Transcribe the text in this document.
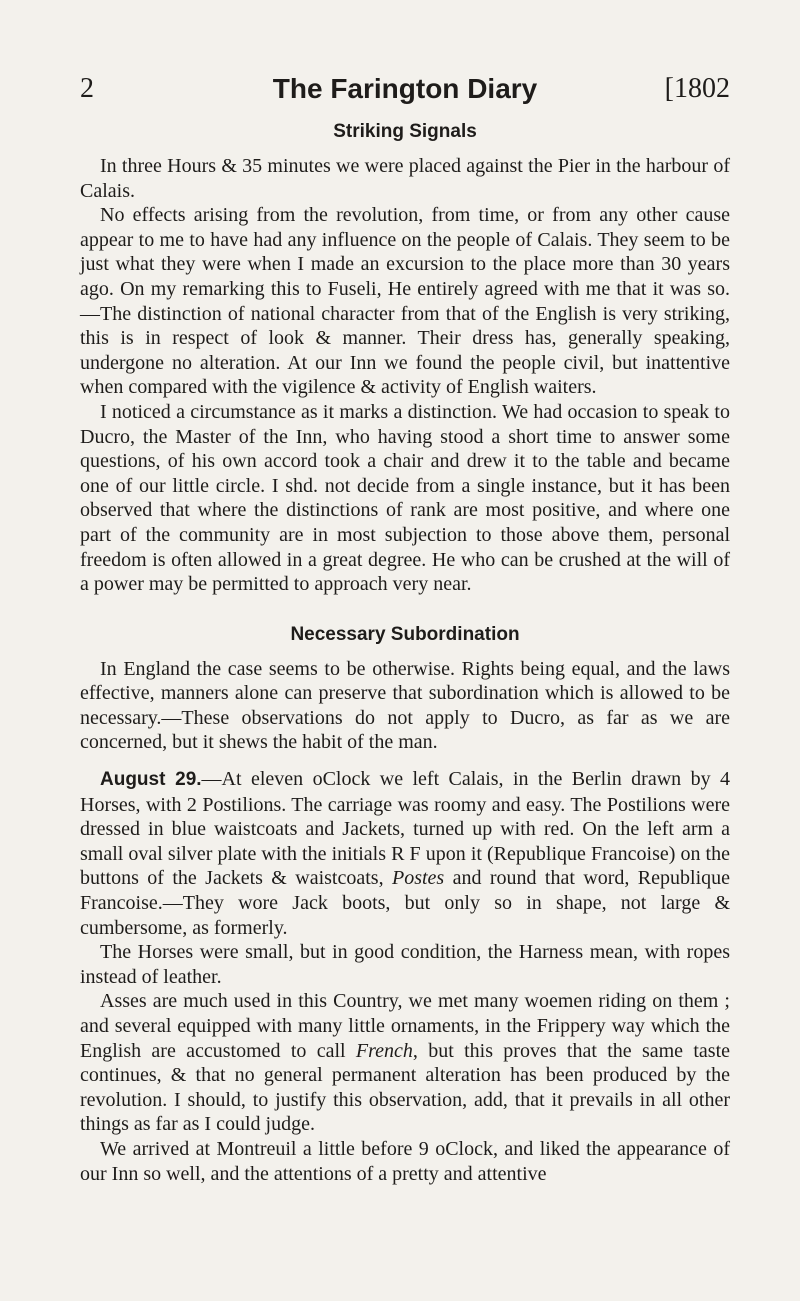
2	The Farington Diary	[1802
Striking Signals

In three Hours & 35 minutes we were placed against the Pier in the harbour of Calais.

No effects arising from the revolution, from time, or from any other cause appear to me to have had any influence on the people of Calais. They seem to be just what they were when I made an excursion to the place more than 30 years ago. On my remarking this to Fuseli, He entirely agreed with me that it was so.—The distinction of national character from that of the English is very striking, this is in respect of look & manner. Their dress has, generally speaking, undergone no alteration. At our Inn we found the people civil, but inattentive when compared with the vigilence & activity of English waiters.

I noticed a circumstance as it marks a distinction. We had occasion to speak to Ducro, the Master of the Inn, who having stood a short time to answer some questions, of his own accord took a chair and drew it to the table and became one of our little circle. I shd. not decide from a single instance, but it has been observed that where the distinctions of rank are most positive, and where one part of the community are in most subjection to those above them, personal freedom is often allowed in a great degree. He who can be crushed at the will of a power may be permitted to approach very near.

Necessary Subordination

In England the case seems to be otherwise. Rights being equal, and the laws effective, manners alone can preserve that subordination which is allowed to be necessary.—These observations do not apply to Ducro, as far as we are concerned, but it shews the habit of the man.

August 29.—At eleven oClock we left Calais, in the Berlin drawn by 4 Horses, with 2 Postilions. The carriage was roomy and easy. The Postilions were dressed in blue waistcoats and Jackets, turned up with red. On the left arm a small oval silver plate with the initials R F upon it (Republique Francoise) on the buttons of the Jackets & waistcoats, Postes and round that word, Republique Francoise.—They wore Jack boots, but only so in shape, not large & cumbersome, as formerly.

The Horses were small, but in good condition, the Harness mean, with ropes instead of leather.

Asses are much used in this Country, we met many woemen riding on them ; and several equipped with many little ornaments, in the Frippery way which the English are accustomed to call French, but this proves that the same taste continues, & that no general permanent alteration has been produced by the revolution. I should, to justify this observation, add, that it prevails in all other things as far as I could judge.

We arrived at Montreuil a little before 9 oClock, and liked the appearance of our Inn so well, and the attentions of a pretty and attentive
